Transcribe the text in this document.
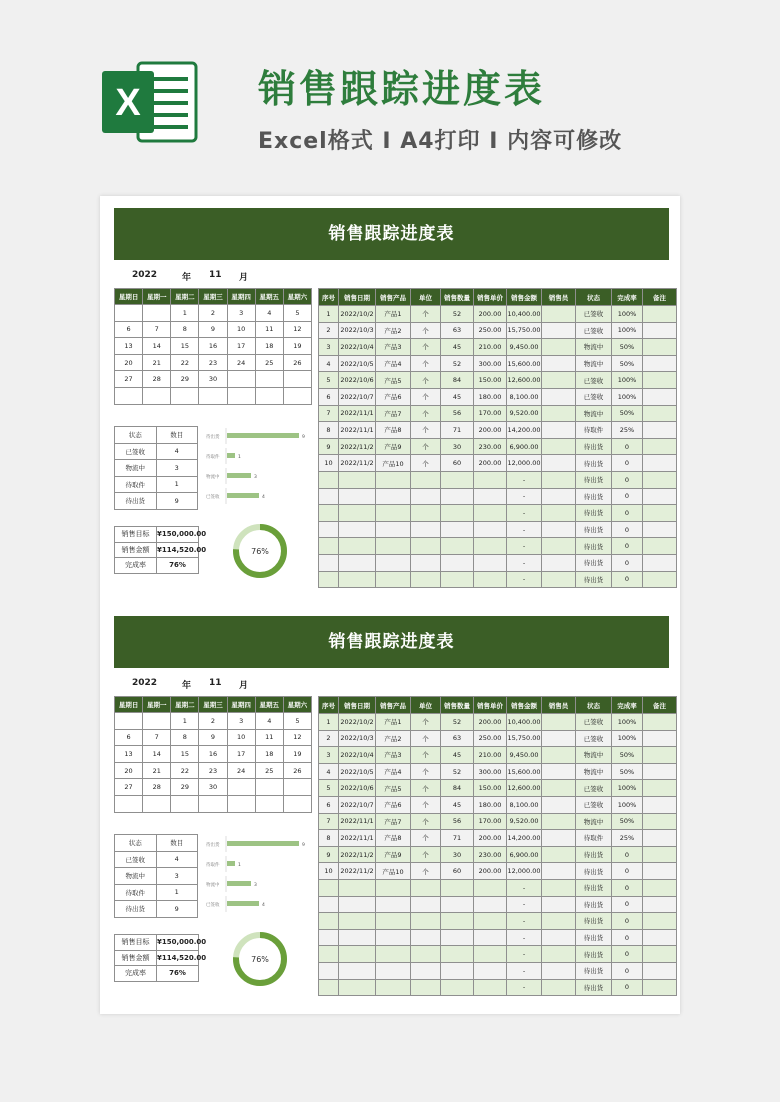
X	销售跟踪进度表
Excel格式 Ⅰ A4打印 Ⅰ 内容可修改
销售跟踪进度表
2022	年 11 月
星期日	星期一	星期二	星期三	星期四	星期五	星期六
		1	2	3	4	5
6	7	8	9	10	11	12
13	14	15	16	17	18	19
20	21	22	23	24	25	26
27	28	29	30			

状态	数目
已签收	4
物流中	3
待取件	1
待出货	9
销售目标	¥150,000.00
销售金额	¥114,520.00
完成率	76%
待出货	9
待取件	1
物流中	3
已签收	4
76%
序号	销售日期	销售产品	单位	销售数量	销售单价	销售金额	销售员	状态	完成率	备注
1	2022/10/2	产品1	个	52	200.00	10,400.00		已签收	100%	
2	2022/10/3	产品2	个	63	250.00	15,750.00		已签收	100%	
3	2022/10/4	产品3	个	45	210.00	9,450.00		物流中	50%	
4	2022/10/5	产品4	个	52	300.00	15,600.00		物流中	50%	
5	2022/10/6	产品5	个	84	150.00	12,600.00		已签收	100%	
6	2022/10/7	产品6	个	45	180.00	8,100.00		已签收	100%	
7	2022/11/1	产品7	个	56	170.00	9,520.00		物流中	50%	
8	2022/11/1	产品8	个	71	200.00	14,200.00		待取件	25%	
9	2022/11/2	产品9	个	30	230.00	6,900.00		待出货	0	
10	2022/11/2	产品10	个	60	200.00	12,000.00		待出货	0	
						-		待出货	0	
						-		待出货	0	
						-		待出货	0	
						-		待出货	0	
						-		待出货	0	
						-		待出货	0	
						-		待出货	0	
销售跟踪进度表
2022	年 11 月
星期日	星期一	星期二	星期三	星期四	星期五	星期六
		1	2	3	4	5
6	7	8	9	10	11	12
13	14	15	16	17	18	19
20	21	22	23	24	25	26
27	28	29	30			

状态	数目
已签收	4
物流中	3
待取件	1
待出货	9
销售目标	¥150,000.00
销售金额	¥114,520.00
完成率	76%
待出货	9
待取件	1
物流中	3
已签收	4
76%
序号	销售日期	销售产品	单位	销售数量	销售单价	销售金额	销售员	状态	完成率	备注
1	2022/10/2	产品1	个	52	200.00	10,400.00		已签收	100%	
2	2022/10/3	产品2	个	63	250.00	15,750.00		已签收	100%	
3	2022/10/4	产品3	个	45	210.00	9,450.00		物流中	50%	
4	2022/10/5	产品4	个	52	300.00	15,600.00		物流中	50%	
5	2022/10/6	产品5	个	84	150.00	12,600.00		已签收	100%	
6	2022/10/7	产品6	个	45	180.00	8,100.00		已签收	100%	
7	2022/11/1	产品7	个	56	170.00	9,520.00		物流中	50%	
8	2022/11/1	产品8	个	71	200.00	14,200.00		待取件	25%	
9	2022/11/2	产品9	个	30	230.00	6,900.00		待出货	0	
10	2022/11/2	产品10	个	60	200.00	12,000.00		待出货	0	
						-		待出货	0	
						-		待出货	0	
						-		待出货	0	
						-		待出货	0	
						-		待出货	0	
						-		待出货	0	
						-		待出货	0	
